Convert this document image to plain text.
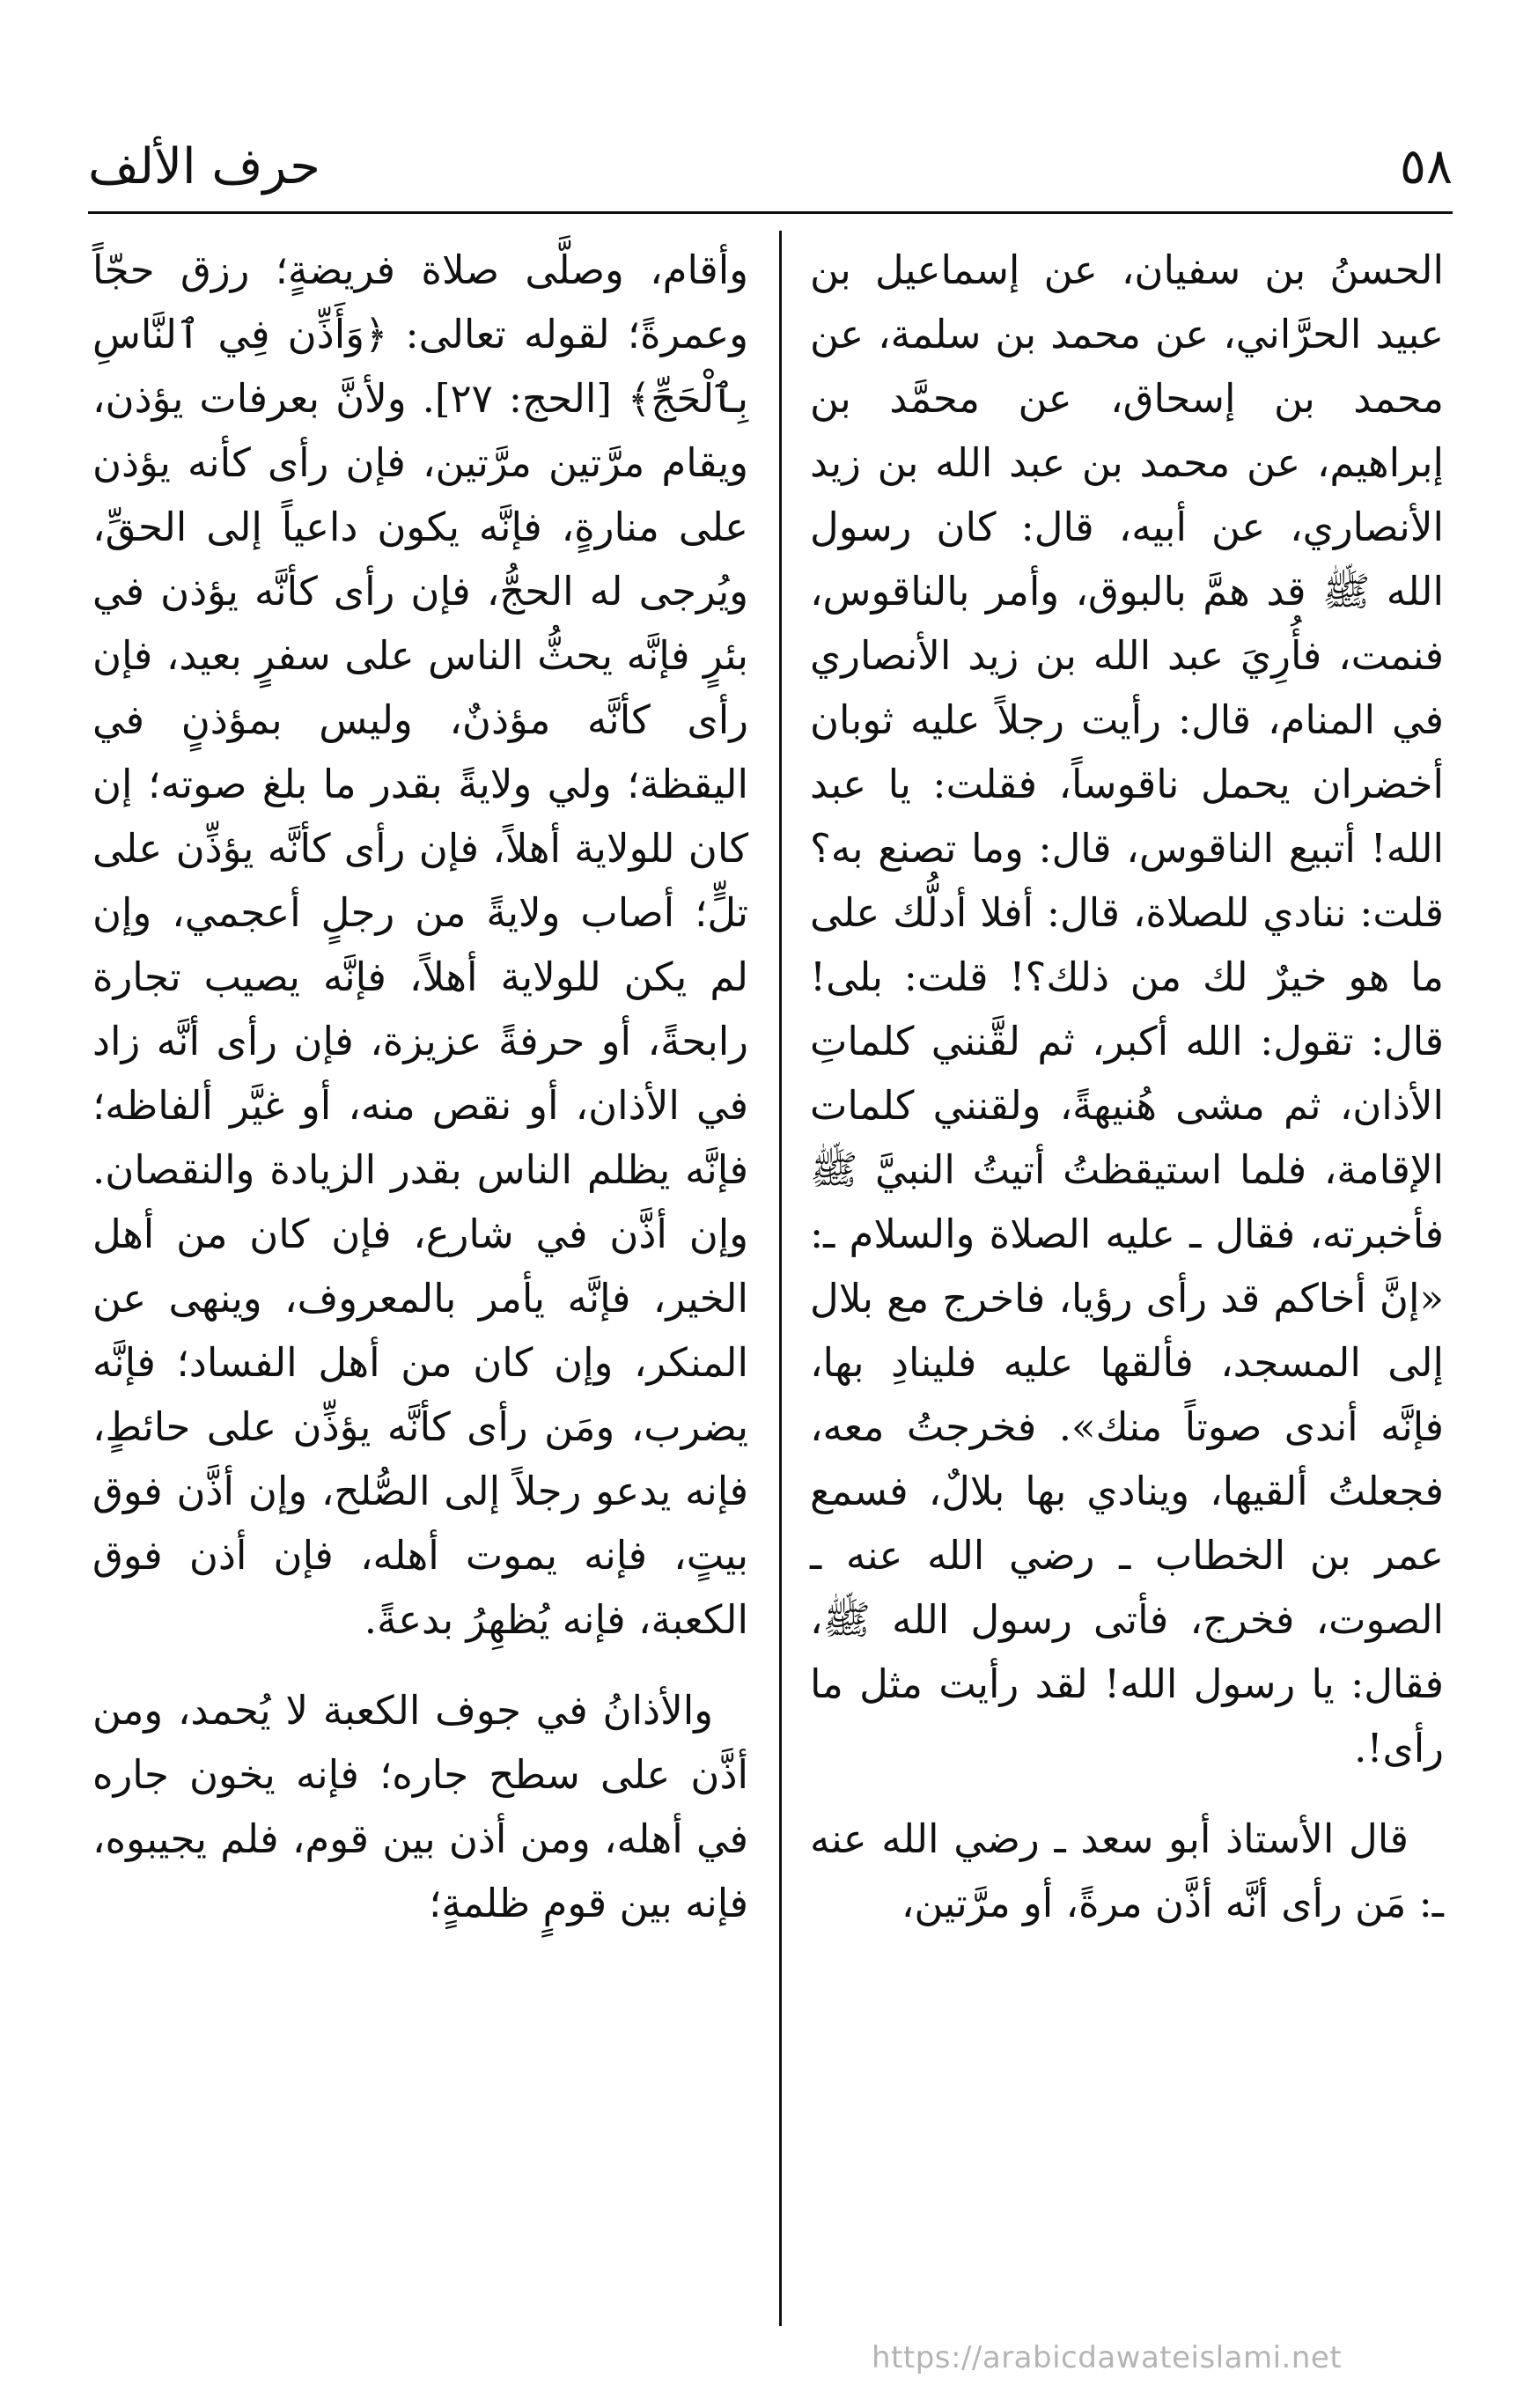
٥٨
حرف الألف

الحسنُ بن سفيان، عن إسماعيل بن عبيد الحرَّاني، عن محمد بن سلمة، عن محمد بن إسحاق، عن محمَّد بن إبراهيم، عن محمد بن عبد الله بن زيد الأنصاري، عن أبيه، قال: كان رسول الله ﷺ قد همَّ بالبوق، وأمر بالناقوس، فنمت، فأُرِيَ عبد الله بن زيد الأنصاري في المنام، قال: رأيت رجلاً عليه ثوبان أخضران يحمل ناقوساً، فقلت: يا عبد الله! أتبيع الناقوس، قال: وما تصنع به؟ قلت: ننادي للصلاة، قال: أفلا أدلُّك على ما هو خيرٌ لك من ذلك؟! قلت: بلى! قال: تقول: الله أكبر، ثم لقَّنني كلماتِ الأذان، ثم مشى هُنيهةً، ولقنني كلمات الإقامة، فلما استيقظتُ أتيتُ النبيَّ ﷺ فأخبرته، فقال ـ عليه الصلاة والسلام ـ: «إنَّ أخاكم قد رأى رؤيا، فاخرج مع بلال إلى المسجد، فألقها عليه فلينادِ بها، فإنَّه أندى صوتاً منك». فخرجتُ معه، فجعلتُ ألقيها، وينادي بها بلالٌ، فسمع عمر بن الخطاب ـ رضي الله عنه ـ الصوت، فخرج، فأتى رسول الله ﷺ، فقال: يا رسول الله! لقد رأيت مثل ما رأى!.

قال الأستاذ أبو سعد ـ رضي الله عنه ـ: مَن رأى أنَّه أذَّن مرةً، أو مرَّتين،

وأقام، وصلَّى صلاة فريضةٍ؛ رزق حجّاً وعمرةً؛ لقوله تعالى: ﴿وَأَذِّن فِي ٱلنَّاسِ بِٱلْحَجِّ﴾ [الحج: ٢٧]. ولأنَّ بعرفات يؤذن، ويقام مرَّتين مرَّتين، فإن رأى كأنه يؤذن على منارةٍ، فإنَّه يكون داعياً إلى الحقِّ، ويُرجى له الحجُّ، فإن رأى كأنَّه يؤذن في بئرٍ فإنَّه يحثُّ الناس على سفرٍ بعيد، فإن رأى كأنَّه مؤذنٌ، وليس بمؤذنٍ في اليقظة؛ ولي ولايةً بقدر ما بلغ صوته؛ إن كان للولاية أهلاً، فإن رأى كأنَّه يؤذِّن على تلٍّ؛ أصاب ولايةً من رجلٍ أعجمي، وإن لم يكن للولاية أهلاً، فإنَّه يصيب تجارة رابحةً، أو حرفةً عزيزة، فإن رأى أنَّه زاد في الأذان، أو نقص منه، أو غيَّر ألفاظه؛ فإنَّه يظلم الناس بقدر الزيادة والنقصان. وإن أذَّن في شارع، فإن كان من أهل الخير، فإنَّه يأمر بالمعروف، وينهى عن المنكر، وإن كان من أهل الفساد؛ فإنَّه يضرب، ومَن رأى كأنَّه يؤذِّن على حائطٍ، فإنه يدعو رجلاً إلى الصُّلح، وإن أذَّن فوق بيتٍ، فإنه يموت أهله، فإن أذن فوق الكعبة، فإنه يُظهِرُ بدعةً.

والأذانُ في جوف الكعبة لا يُحمد، ومن أذَّن على سطح جاره؛ فإنه يخون جاره في أهله، ومن أذن بين قوم، فلم يجيبوه، فإنه بين قومٍ ظلمةٍ؛

https://arabicdawateislami.net
